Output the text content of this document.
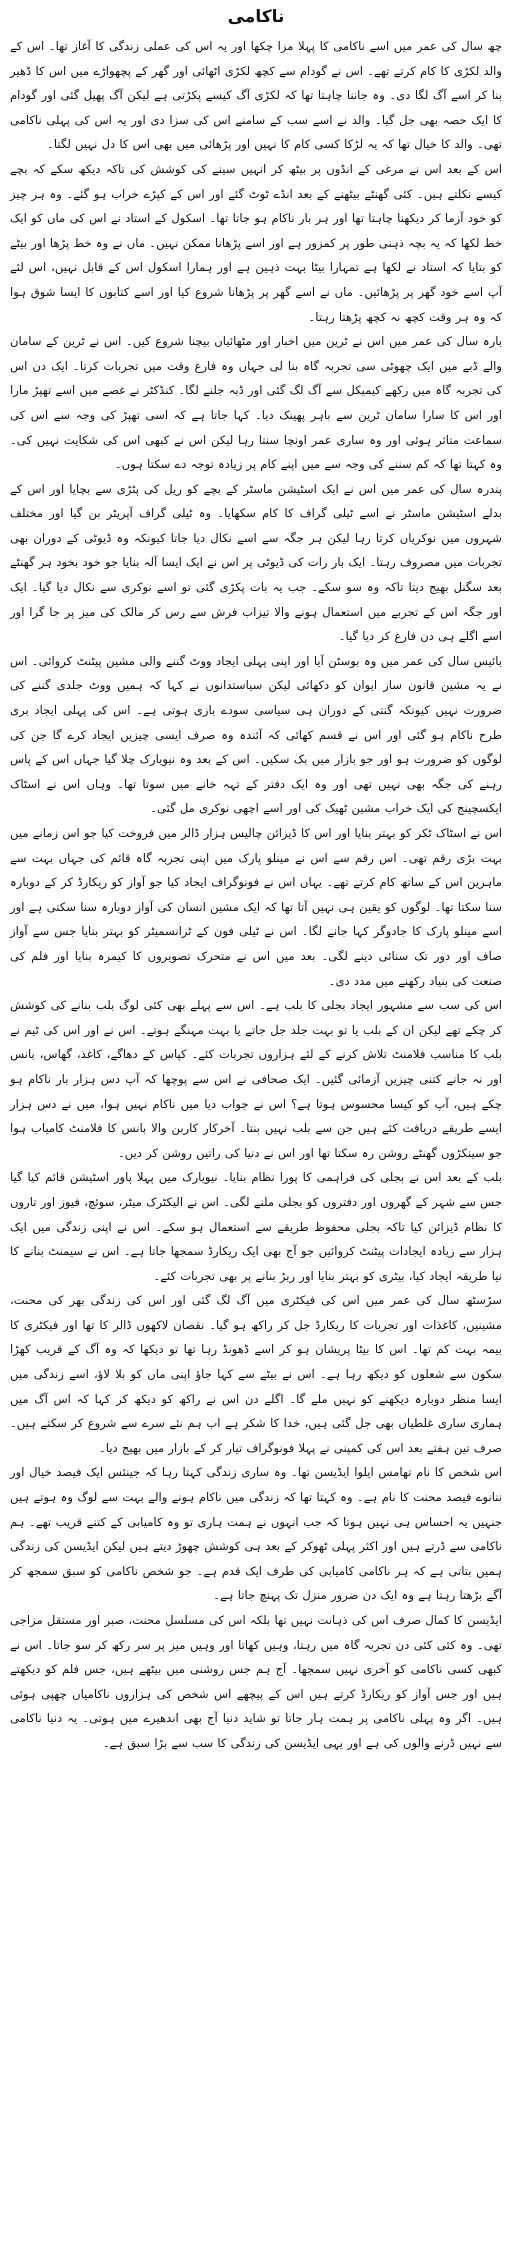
ناکامی

چھ سال کی عمر میں اسے ناکامی کا پہلا مزا چکھا اور یہ اس کی عملی زندگی کا آغاز تھا۔ اس کے والد لکڑی کا کام کرتے تھے۔ اس نے گودام سے کچھ لکڑی اٹھائی اور گھر کے پچھواڑے میں اس کا ڈھیر بنا کر اسے آگ لگا دی۔ وہ جاننا چاہتا تھا کہ لکڑی آگ کیسے پکڑتی ہے لیکن آگ پھیل گئی اور گودام کا ایک حصہ بھی جل گیا۔ والد نے اسے سب کے سامنے اس کی سزا دی اور یہ اس کی پہلی ناکامی تھی۔ والد کا خیال تھا کہ یہ لڑکا کسی کام کا نہیں اور پڑھائی میں بھی اس کا دل نہیں لگتا۔

اس کے بعد اس نے مرغی کے انڈوں پر بیٹھ کر انہیں سینے کی کوشش کی تاکہ دیکھ سکے کہ بچے کیسے نکلتے ہیں۔ کئی گھنٹے بیٹھنے کے بعد انڈے ٹوٹ گئے اور اس کے کپڑے خراب ہو گئے۔ وہ ہر چیز کو خود آزما کر دیکھنا چاہتا تھا اور ہر بار ناکام ہو جاتا تھا۔ اسکول کے استاد نے اس کی ماں کو ایک خط لکھا کہ یہ بچہ ذہنی طور پر کمزور ہے اور اسے پڑھانا ممکن نہیں۔ ماں نے وہ خط پڑھا اور بیٹے کو بتایا کہ استاد نے لکھا ہے تمہارا بیٹا بہت ذہین ہے اور ہمارا اسکول اس کے قابل نہیں، اس لئے آپ اسے خود گھر پر پڑھائیں۔ ماں نے اسے گھر پر پڑھانا شروع کیا اور اسے کتابوں کا ایسا شوق ہوا کہ وہ ہر وقت کچھ نہ کچھ پڑھتا رہتا۔

بارہ سال کی عمر میں اس نے ٹرین میں اخبار اور مٹھائیاں بیچنا شروع کیں۔ اس نے ٹرین کے سامان والے ڈبے میں ایک چھوٹی سی تجربہ گاہ بنا لی جہاں وہ فارغ وقت میں تجربات کرتا۔ ایک دن اس کی تجربہ گاہ میں رکھے کیمیکل سے آگ لگ گئی اور ڈبہ جلنے لگا۔ کنڈکٹر نے غصے میں اسے تھپڑ مارا اور اس کا سارا سامان ٹرین سے باہر پھینک دیا۔ کہا جاتا ہے کہ اسی تھپڑ کی وجہ سے اس کی سماعت متاثر ہوئی اور وہ ساری عمر اونچا سنتا رہا لیکن اس نے کبھی اس کی شکایت نہیں کی۔ وہ کہتا تھا کہ کم سننے کی وجہ سے میں اپنے کام پر زیادہ توجہ دے سکتا ہوں۔

پندرہ سال کی عمر میں اس نے ایک اسٹیشن ماسٹر کے بچے کو ریل کی پٹڑی سے بچایا اور اس کے بدلے اسٹیشن ماسٹر نے اسے ٹیلی گراف کا کام سکھایا۔ وہ ٹیلی گراف آپریٹر بن گیا اور مختلف شہروں میں نوکریاں کرتا رہا لیکن ہر جگہ سے اسے نکال دیا جاتا کیونکہ وہ ڈیوٹی کے دوران بھی تجربات میں مصروف رہتا۔ ایک بار رات کی ڈیوٹی پر اس نے ایک ایسا آلہ بنایا جو خود بخود ہر گھنٹے بعد سگنل بھیج دیتا تاکہ وہ سو سکے۔ جب یہ بات پکڑی گئی تو اسے نوکری سے نکال دیا گیا۔ ایک اور جگہ اس کے تجربے میں استعمال ہونے والا تیزاب فرش سے رس کر مالک کی میز پر جا گرا اور اسے اگلے ہی دن فارغ کر دیا گیا۔

بائیس سال کی عمر میں وہ بوسٹن آیا اور اپنی پہلی ایجاد ووٹ گننے والی مشین پیٹنٹ کروائی۔ اس نے یہ مشین قانون ساز ایوان کو دکھائی لیکن سیاستدانوں نے کہا کہ ہمیں ووٹ جلدی گننے کی ضرورت نہیں کیونکہ گنتی کے دوران ہی سیاسی سودے بازی ہوتی ہے۔ اس کی پہلی ایجاد بری طرح ناکام ہو گئی اور اس نے قسم کھائی کہ آئندہ وہ صرف ایسی چیزیں ایجاد کرے گا جن کی لوگوں کو ضرورت ہو اور جو بازار میں بک سکیں۔ اس کے بعد وہ نیویارک چلا گیا جہاں اس کے پاس رہنے کی جگہ بھی نہیں تھی اور وہ ایک دفتر کے تہہ خانے میں سوتا تھا۔ وہاں اس نے اسٹاک ایکسچینج کی ایک خراب مشین ٹھیک کی اور اسے اچھی نوکری مل گئی۔

اس نے اسٹاک ٹکر کو بہتر بنایا اور اس کا ڈیزائن چالیس ہزار ڈالر میں فروخت کیا جو اس زمانے میں بہت بڑی رقم تھی۔ اس رقم سے اس نے مینلو پارک میں اپنی تجربہ گاہ قائم کی جہاں بہت سے ماہرین اس کے ساتھ کام کرتے تھے۔ یہاں اس نے فونوگراف ایجاد کیا جو آواز کو ریکارڈ کر کے دوبارہ سنا سکتا تھا۔ لوگوں کو یقین ہی نہیں آتا تھا کہ ایک مشین انسان کی آواز دوبارہ سنا سکتی ہے اور اسے مینلو پارک کا جادوگر کہا جانے لگا۔ اس نے ٹیلی فون کے ٹرانسمیٹر کو بہتر بنایا جس سے آواز صاف اور دور تک سنائی دینے لگی۔ بعد میں اس نے متحرک تصویروں کا کیمرہ بنایا اور فلم کی صنعت کی بنیاد رکھنے میں مدد دی۔

اس کی سب سے مشہور ایجاد بجلی کا بلب ہے۔ اس سے پہلے بھی کئی لوگ بلب بنانے کی کوشش کر چکے تھے لیکن ان کے بلب یا تو بہت جلد جل جاتے یا بہت مہنگے ہوتے۔ اس نے اور اس کی ٹیم نے بلب کا مناسب فلامنٹ تلاش کرنے کے لئے ہزاروں تجربات کئے۔ کپاس کے دھاگے، کاغذ، گھاس، بانس اور نہ جانے کتنی چیزیں آزمائی گئیں۔ ایک صحافی نے اس سے پوچھا کہ آپ دس ہزار بار ناکام ہو چکے ہیں، آپ کو کیسا محسوس ہوتا ہے؟ اس نے جواب دیا میں ناکام نہیں ہوا، میں نے دس ہزار ایسے طریقے دریافت کئے ہیں جن سے بلب نہیں بنتا۔ آخرکار کاربن والا بانس کا فلامنٹ کامیاب ہوا جو سینکڑوں گھنٹے روشن رہ سکتا تھا اور اس نے دنیا کی راتیں روشن کر دیں۔

بلب کے بعد اس نے بجلی کی فراہمی کا پورا نظام بنایا۔ نیویارک میں پہلا پاور اسٹیشن قائم کیا گیا جس سے شہر کے گھروں اور دفتروں کو بجلی ملنے لگی۔ اس نے الیکٹرک میٹر، سوئچ، فیوز اور تاروں کا نظام ڈیزائن کیا تاکہ بجلی محفوظ طریقے سے استعمال ہو سکے۔ اس نے اپنی زندگی میں ایک ہزار سے زیادہ ایجادات پیٹنٹ کروائیں جو آج بھی ایک ریکارڈ سمجھا جاتا ہے۔ اس نے سیمنٹ بنانے کا نیا طریقہ ایجاد کیا، بیٹری کو بہتر بنایا اور ربڑ بنانے پر بھی تجربات کئے۔

سڑسٹھ سال کی عمر میں اس کی فیکٹری میں آگ لگ گئی اور اس کی زندگی بھر کی محنت، مشینیں، کاغذات اور تجربات کا ریکارڈ جل کر راکھ ہو گیا۔ نقصان لاکھوں ڈالر کا تھا اور فیکٹری کا بیمہ بہت کم تھا۔ اس کا بیٹا پریشان ہو کر اسے ڈھونڈ رہا تھا تو دیکھا کہ وہ آگ کے قریب کھڑا سکون سے شعلوں کو دیکھ رہا ہے۔ اس نے بیٹے سے کہا جاؤ اپنی ماں کو بلا لاؤ، اسے زندگی میں ایسا منظر دوبارہ دیکھنے کو نہیں ملے گا۔ اگلے دن اس نے راکھ کو دیکھ کر کہا کہ اس آگ میں ہماری ساری غلطیاں بھی جل گئی ہیں، خدا کا شکر ہے اب ہم نئے سرے سے شروع کر سکتے ہیں۔ صرف تین ہفتے بعد اس کی کمپنی نے پہلا فونوگراف تیار کر کے بازار میں بھیج دیا۔

اس شخص کا نام تھامس ایلوا ایڈیسن تھا۔ وہ ساری زندگی کہتا رہا کہ جینئس ایک فیصد خیال اور ننانوے فیصد محنت کا نام ہے۔ وہ کہتا تھا کہ زندگی میں ناکام ہونے والے بہت سے لوگ وہ ہوتے ہیں جنہیں یہ احساس ہی نہیں ہوتا کہ جب انہوں نے ہمت ہاری تو وہ کامیابی کے کتنے قریب تھے۔ ہم ناکامی سے ڈرتے ہیں اور اکثر پہلی ٹھوکر کے بعد ہی کوشش چھوڑ دیتے ہیں لیکن ایڈیسن کی زندگی ہمیں بتاتی ہے کہ ہر ناکامی کامیابی کی طرف ایک قدم ہے۔ جو شخص ناکامی کو سبق سمجھ کر آگے بڑھتا رہتا ہے وہ ایک دن ضرور منزل تک پہنچ جاتا ہے۔

ایڈیسن کا کمال صرف اس کی ذہانت نہیں تھا بلکہ اس کی مسلسل محنت، صبر اور مستقل مزاجی تھی۔ وہ کئی کئی دن تجربہ گاہ میں رہتا، وہیں کھاتا اور وہیں میز پر سر رکھ کر سو جاتا۔ اس نے کبھی کسی ناکامی کو آخری نہیں سمجھا۔ آج ہم جس روشنی میں بیٹھے ہیں، جس فلم کو دیکھتے ہیں اور جس آواز کو ریکارڈ کرتے ہیں اس کے پیچھے اس شخص کی ہزاروں ناکامیاں چھپی ہوئی ہیں۔ اگر وہ پہلی ناکامی پر ہمت ہار جاتا تو شاید دنیا آج بھی اندھیرے میں ہوتی۔ یہ دنیا ناکامی سے نہیں ڈرنے والوں کی ہے اور یہی ایڈیسن کی زندگی کا سب سے بڑا سبق ہے۔
